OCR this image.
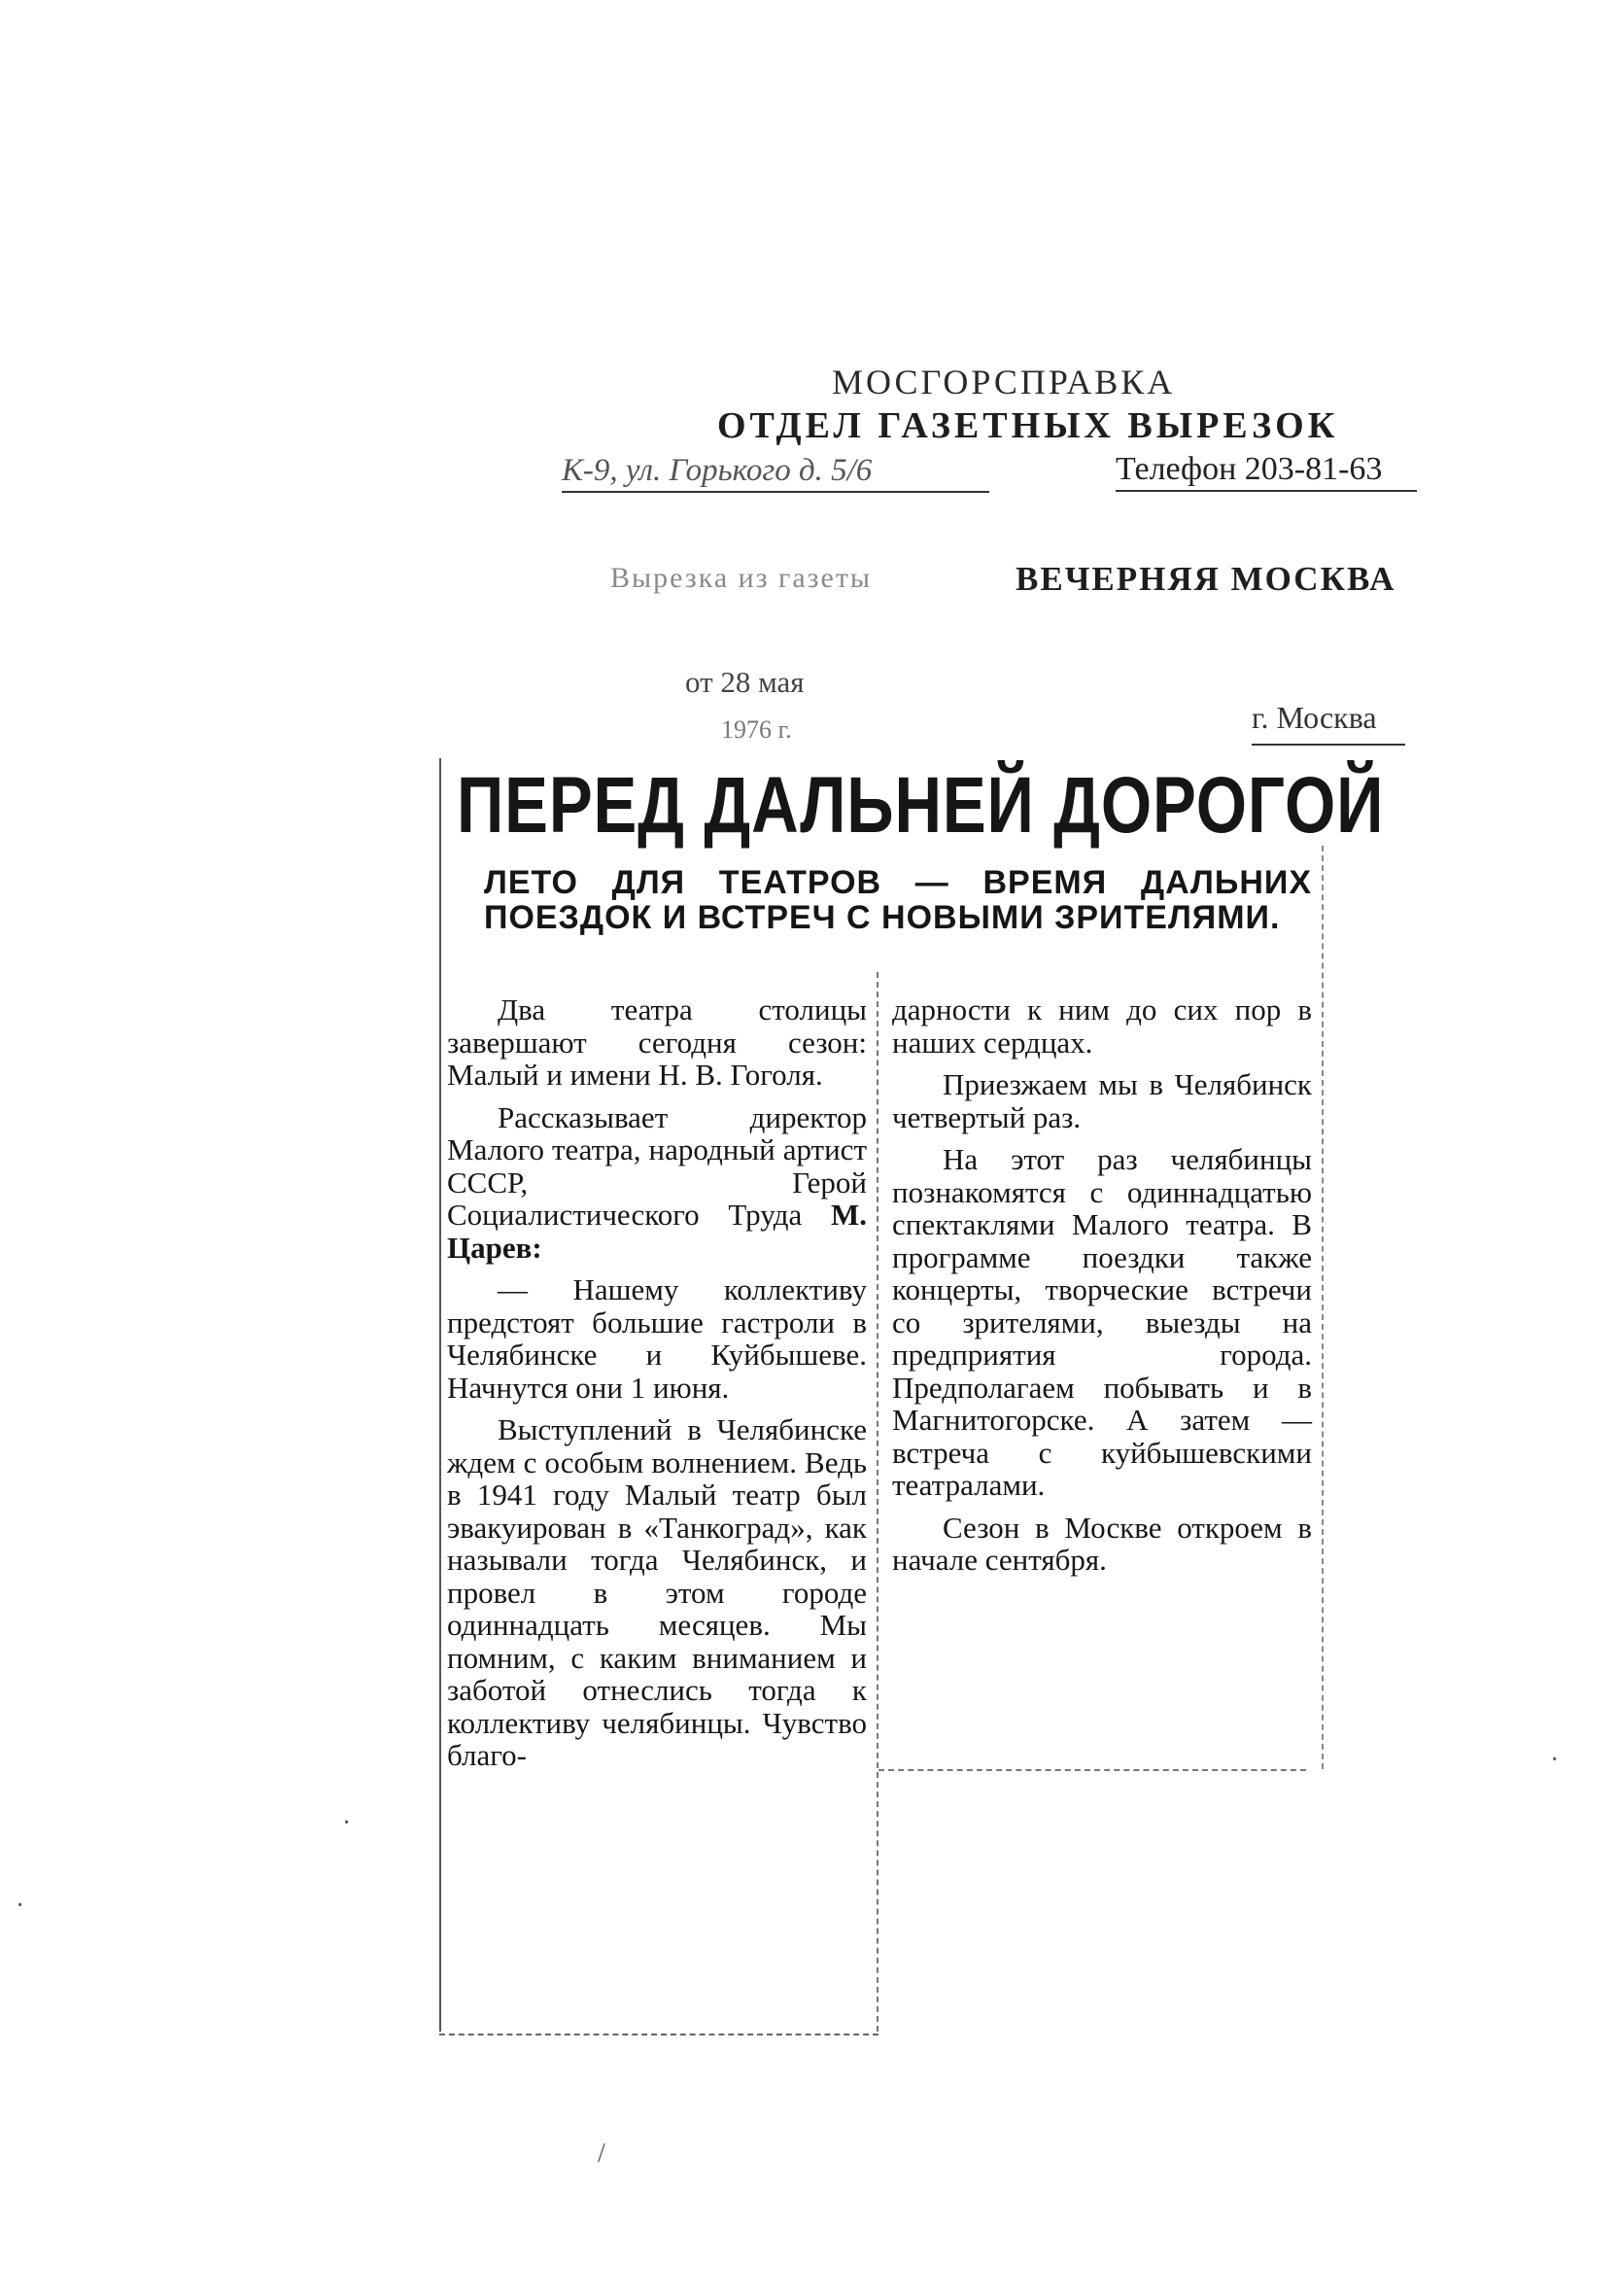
МОСГОРСПРАВКА
ОТДЕЛ ГАЗЕТНЫХ ВЫРЕЗОК
К-9, ул. Горького д. 5/6	Телефон 203-81-63
Вырезка из газеты	ВЕЧЕРНЯЯ МОСКВА
от 28 мая
1976 г.	г. Москва
ПЕРЕД ДАЛЬНЕЙ ДОРОГОЙ
ЛЕТО ДЛЯ ТЕАТРОВ — ВРЕМЯ ДАЛЬНИХ ПОЕЗДОК И ВСТРЕЧ С НОВЫМИ ЗРИТЕЛЯМИ.

Два театра столицы завершают сегодня сезон: Малый и имени Н. В. Гоголя.

Рассказывает директор Малого театра, народный артист СССР, Герой Социалистического Труда М. Царев:

— Нашему коллективу предстоят большие гастроли в Челябинске и Куйбышеве. Начнутся они 1 июня.

Выступлений в Челябинске ждем с особым волнением. Ведь в 1941 году Малый театр был эвакуирован в «Танкоград», как называли тогда Челябинск, и провел в этом городе одиннадцать месяцев. Мы помним, с каким вниманием и заботой отнеслись тогда к коллективу челябинцы. Чувство благо-

дарности к ним до сих пор в наших сердцах.

Приезжаем мы в Челябинск четвертый раз.

На этот раз челябинцы познакомятся с одиннадцатью спектаклями Малого театра. В программе поездки также концерты, творческие встречи со зрителями, выезды на предприятия города. Предполагаем побывать и в Магнитогорске. А затем — встреча с куйбышевскими театралами.

Сезон в Москве откроем в начале сентября.

/
·
·
·
